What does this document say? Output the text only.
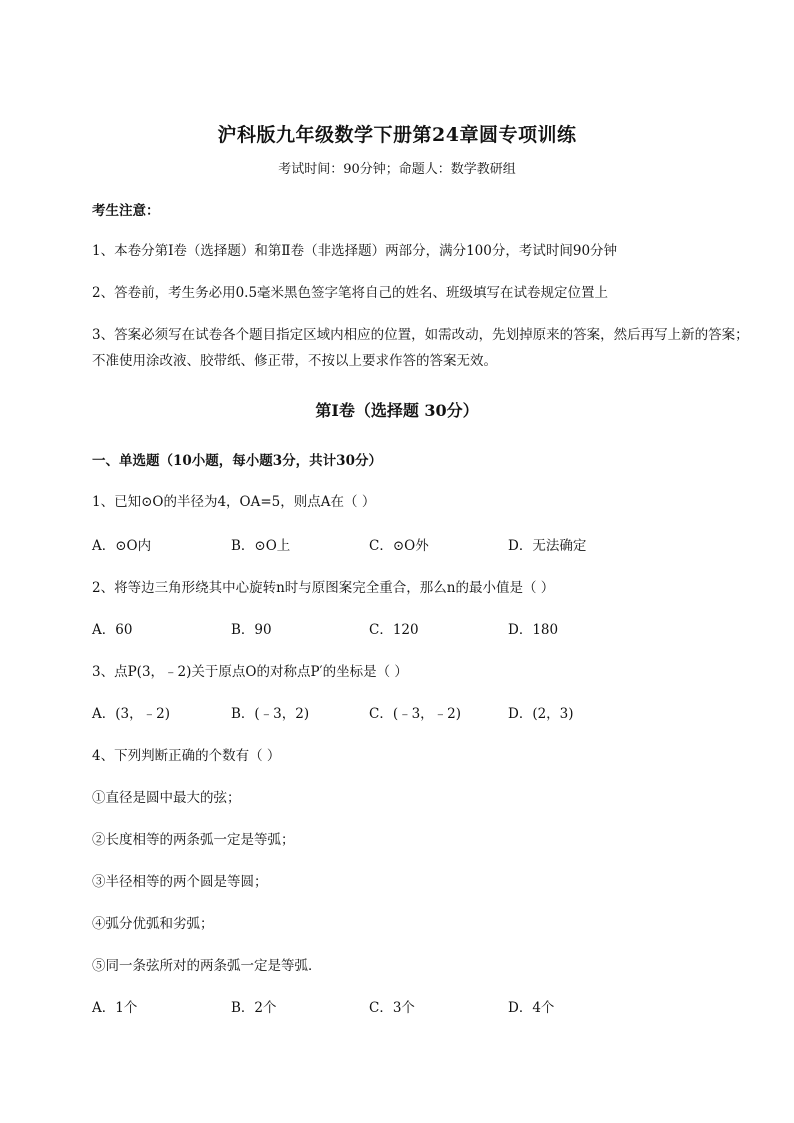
沪科版九年级数学下册第24章圆专项训练
考试时间：90分钟；命题人：数学教研组
考生注意：
1、本卷分第I卷（选择题）和第Ⅱ卷（非选择题）两部分，满分100分，考试时间90分钟
2、答卷前，考生务必用0.5毫米黑色签字笔将自己的姓名、班级填写在试卷规定位置上
3、答案必须写在试卷各个题目指定区域内相应的位置，如需改动，先划掉原来的答案，然后再写上新的答案；不准使用涂改液、胶带纸、修正带，不按以上要求作答的答案无效。
第I卷（选择题 30分）
一、单选题（10小题，每小题3分，共计30分）
1、已知⊙O的半径为4，OA=5，则点A在（ ）
A．⊙O内	B．⊙O上	C．⊙O外	D．无法确定
2、将等边三角形绕其中心旋转n时与原图案完全重合，那么n的最小值是（ ）
A．60	B．90	C．120	D．180
3、点P(3，﹣2)关于原点O的对称点P′的坐标是（ ）
A．(3，﹣2)	B．(﹣3，2)	C．(﹣3，﹣2)	D．(2，3)
4、下列判断正确的个数有（ ）
①直径是圆中最大的弦；
②长度相等的两条弧一定是等弧；
③半径相等的两个圆是等圆；
④弧分优弧和劣弧；
⑤同一条弦所对的两条弧一定是等弧．
A．1个	B．2个	C．3个	D．4个
